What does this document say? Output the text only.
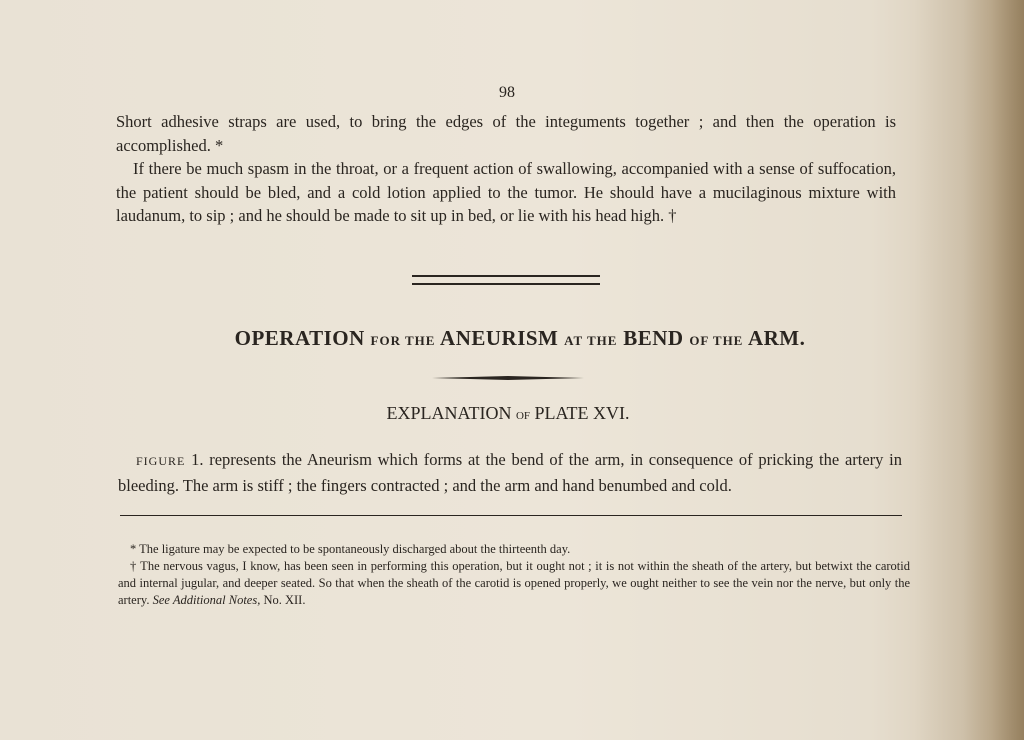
98

Short adhesive straps are used, to bring the edges of the integuments together ; and then the operation is accomplished. *

If there be much spasm in the throat, or a frequent action of swallowing, accompanied with a sense of suffocation, the patient should be bled, and a cold lotion applied to the tumor. He should have a mucilaginous mixture with laudanum, to sip ; and he should be made to sit up in bed, or lie with his head high. †

OPERATION FOR THE ANEURISM AT THE BEND OF THE ARM.
EXPLANATION OF PLATE XVI.

FIGURE 1. represents the Aneurism which forms at the bend of the arm, in consequence of pricking the artery in bleeding. The arm is stiff ; the fingers contracted ; and the arm and hand benumbed and cold.

* The ligature may be expected to be spontaneously discharged about the thirteenth day.

† The nervous vagus, I know, has been seen in performing this operation, but it ought not ; it is not within the sheath of the artery, but betwixt the carotid and internal jugular, and deeper seated. So that when the sheath of the carotid is opened properly, we ought neither to see the vein nor the nerve, but only the artery. See Additional Notes, No. XII.
